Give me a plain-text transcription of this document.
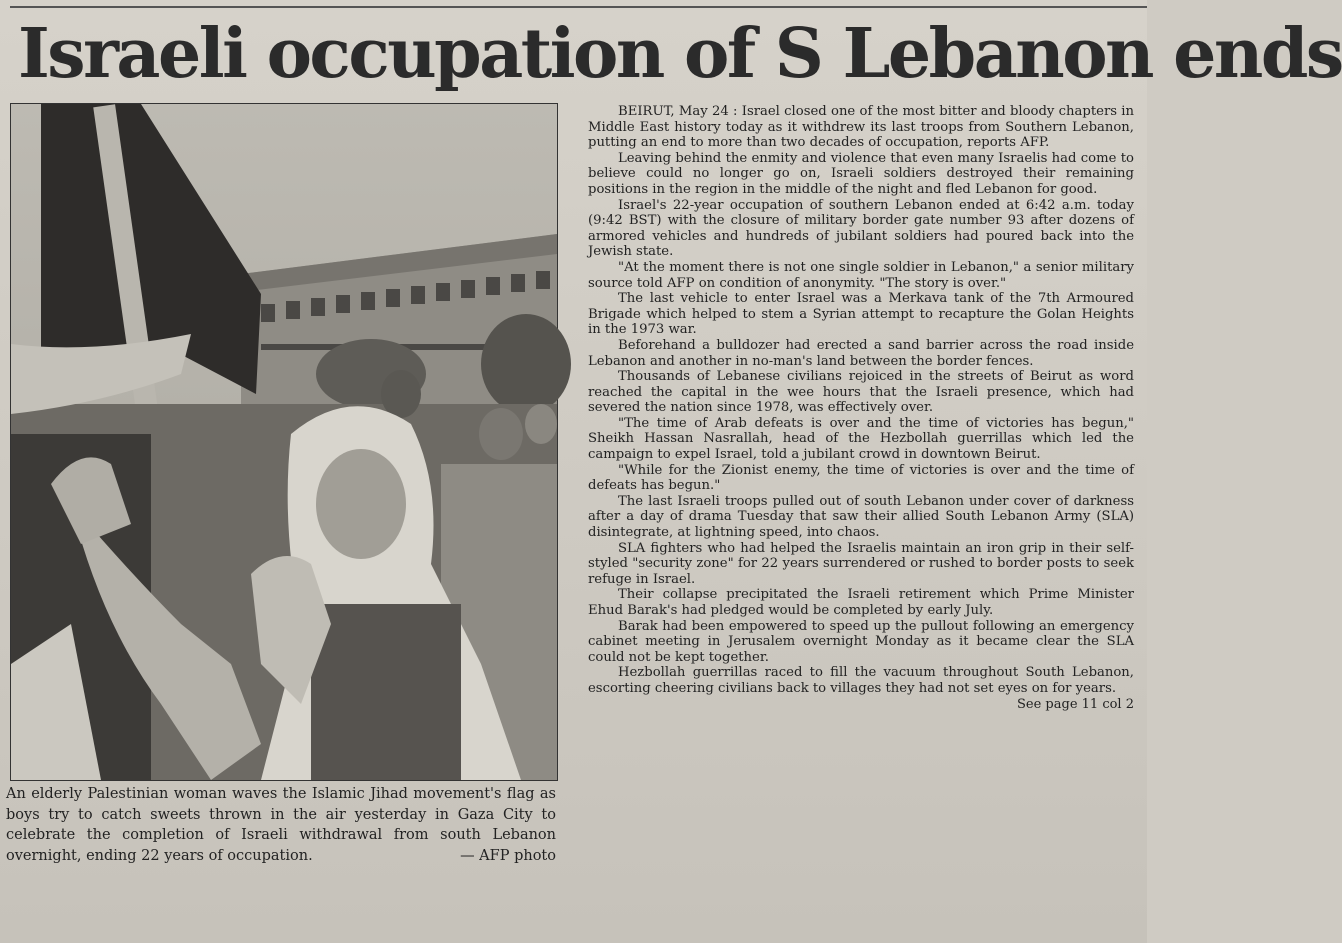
Israeli occupation of S Lebanon ends
An elderly Palestinian woman waves the Islamic Jihad movement's flag as boys try to catch sweets thrown in the air yesterday in Gaza City to celebrate the completion of Israeli withdrawal from south Lebanon overnight, ending 22 years of occupation.	— AFP photo

BEIRUT, May 24 : Israel closed one of the most bitter and bloody chapters in Middle East history today as it withdrew its last troops from Southern Lebanon, putting an end to more than two decades of occupation, reports AFP.

Leaving behind the enmity and violence that even many Israelis had come to believe could no longer go on, Israeli soldiers destroyed their remaining positions in the region in the middle of the night and fled Lebanon for good.

Israel's 22-year occupation of southern Lebanon ended at 6:42 a.m. today (9:42 BST) with the closure of military border gate number 93 after dozens of armored vehicles and hundreds of jubilant soldiers had poured back into the Jewish state.

"At the moment there is not one single soldier in Lebanon," a senior military source told AFP on condition of anonymity. "The story is over."

The last vehicle to enter Israel was a Merkava tank of the 7th Armoured Brigade which helped to stem a Syrian attempt to recapture the Golan Heights in the 1973 war.

Beforehand a bulldozer had erected a sand barrier across the road inside Lebanon and another in no-man's land between the border fences.

Thousands of Lebanese civilians rejoiced in the streets of Beirut as word reached the capital in the wee hours that the Israeli presence, which had severed the nation since 1978, was effectively over.

"The time of Arab defeats is over and the time of victories has begun," Sheikh Hassan Nasrallah, head of the Hezbollah guerrillas which led the campaign to expel Israel, told a jubilant crowd in downtown Beirut.

"While for the Zionist enemy, the time of victories is over and the time of defeats has begun."

The last Israeli troops pulled out of south Lebanon under cover of darkness after a day of drama Tuesday that saw their allied South Lebanon Army (SLA) disintegrate, at lightning speed, into chaos.

SLA fighters who had helped the Israelis maintain an iron grip in their self-styled "security zone" for 22 years surrendered or rushed to border posts to seek refuge in Israel.

Their collapse precipitated the Israeli retirement which Prime Minister Ehud Barak's had pledged would be completed by early July.

Barak had been empowered to speed up the pullout following an emergency cabinet meeting in Jerusalem overnight Monday as it became clear the SLA could not be kept together.

Hezbollah guerrillas raced to fill the vacuum throughout South Lebanon, escorting cheering civilians back to villages they had not set eyes on for years.
See page 11 col 2
